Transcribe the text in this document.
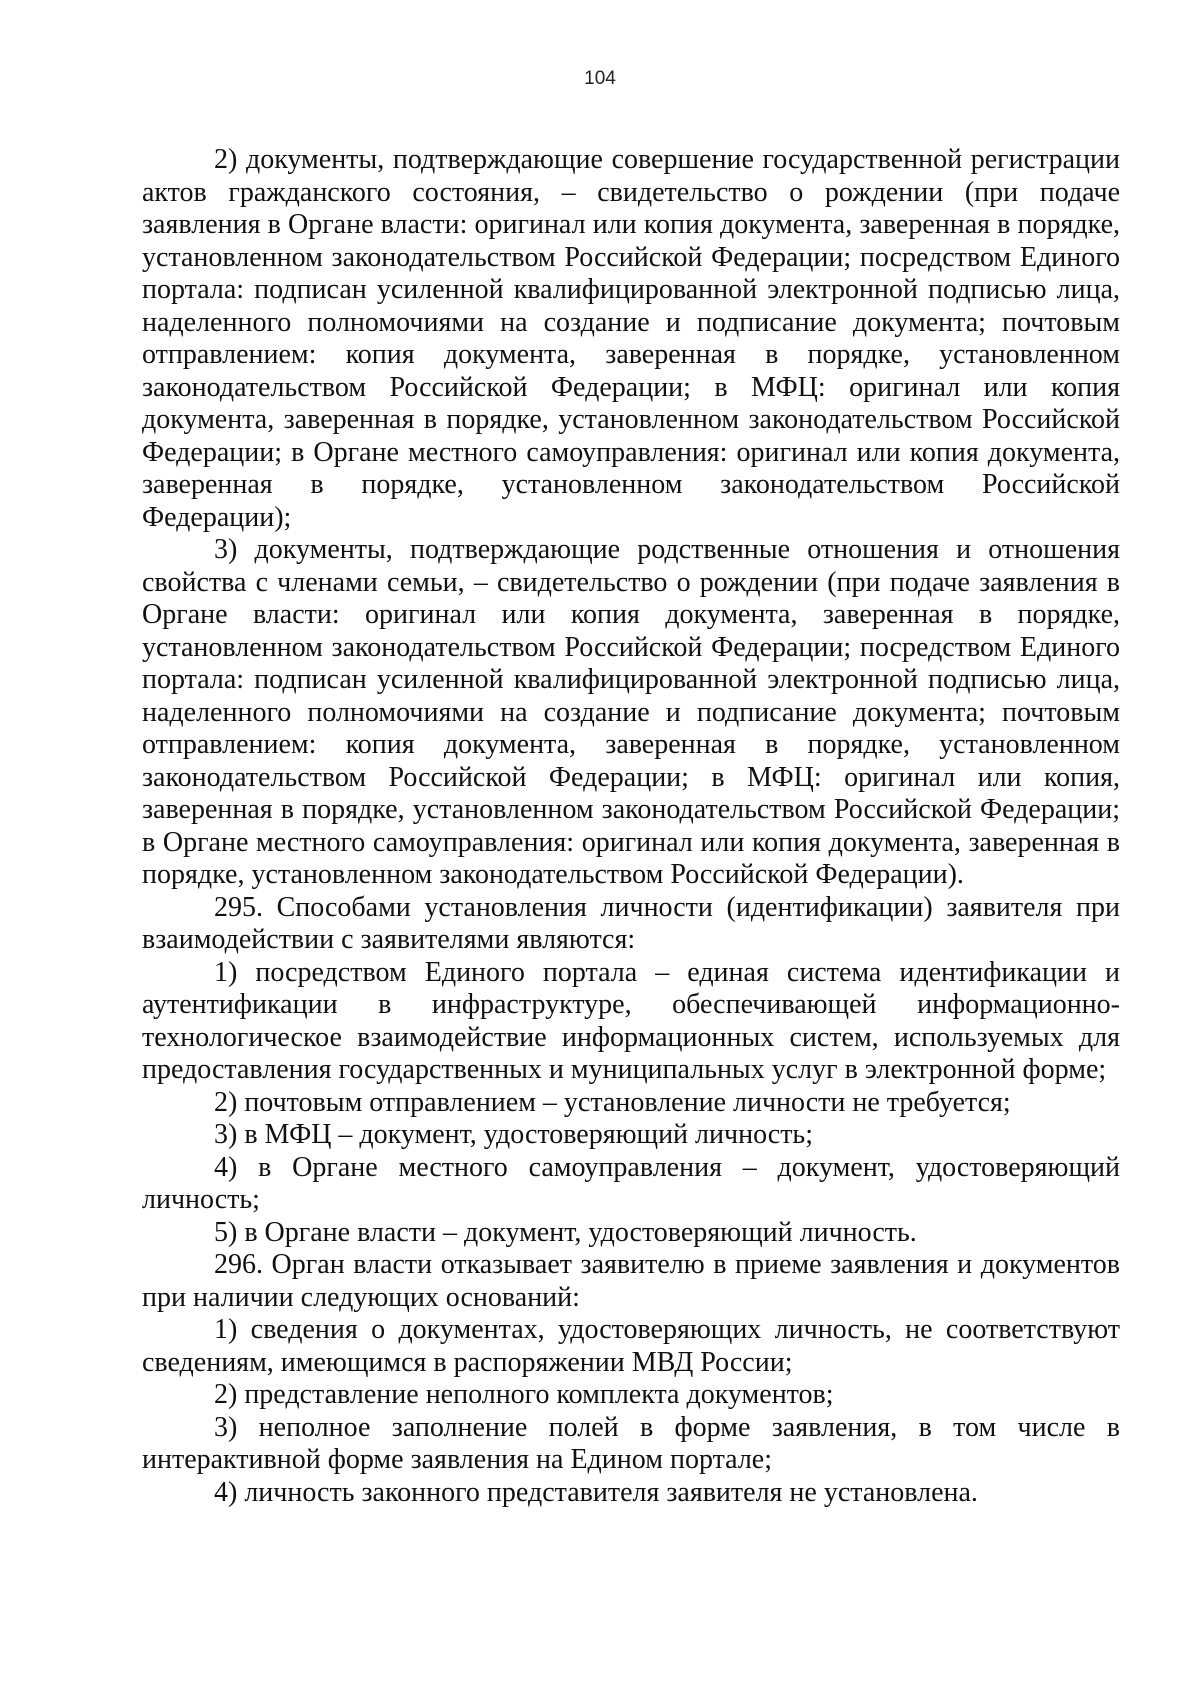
104

2) документы, подтверждающие совершение государственной регистрации актов гражданского состояния, – свидетельство о рождении (при подаче заявления в Органе власти: оригинал или копия документа, заверенная в порядке, установленном законодательством Российской Федерации; посредством Единого портала: подписан усиленной квалифицированной электронной подписью лица, наделенного полномочиями на создание и подписание документа; почтовым отправлением: копия документа, заверенная в порядке, установленном законодательством Российской Федерации; в МФЦ: оригинал или копия документа, заверенная в порядке, установленном законодательством Российской Федерации; в Органе местного самоуправления: оригинал или копия документа, заверенная в порядке, установленном законодательством Российской Федерации);

3) документы, подтверждающие родственные отношения и отношения свойства с членами семьи, – свидетельство о рождении (при подаче заявления в Органе власти: оригинал или копия документа, заверенная в порядке, установленном законодательством Российской Федерации; посредством Единого портала: подписан усиленной квалифицированной электронной подписью лица, наделенного полномочиями на создание и подписание документа; почтовым отправлением: копия документа, заверенная в порядке, установленном законодательством Российской Федерации; в МФЦ: оригинал или копия, заверенная в порядке, установленном законодательством Российской Федерации; в Органе местного самоуправления: оригинал или копия документа, заверенная в порядке, установленном законодательством Российской Федерации).

295. Способами установления личности (идентификации) заявителя при взаимодействии с заявителями являются:

1) посредством Единого портала – единая система идентификации и аутентификации в инфраструктуре, обеспечивающей информационно-технологическое взаимодействие информационных систем, используемых для предоставления государственных и муниципальных услуг в электронной форме;

2) почтовым отправлением – установление личности не требуется;

3) в МФЦ – документ, удостоверяющий личность;

4) в Органе местного самоуправления – документ, удостоверяющий личность;

5) в Органе власти – документ, удостоверяющий личность.

296. Орган власти отказывает заявителю в приеме заявления и документов при наличии следующих оснований:

1) сведения о документах, удостоверяющих личность, не соответствуют сведениям, имеющимся в распоряжении МВД России;

2) представление неполного комплекта документов;

3) неполное заполнение полей в форме заявления, в том числе в интерактивной форме заявления на Едином портале;

4) личность законного представителя заявителя не установлена.
